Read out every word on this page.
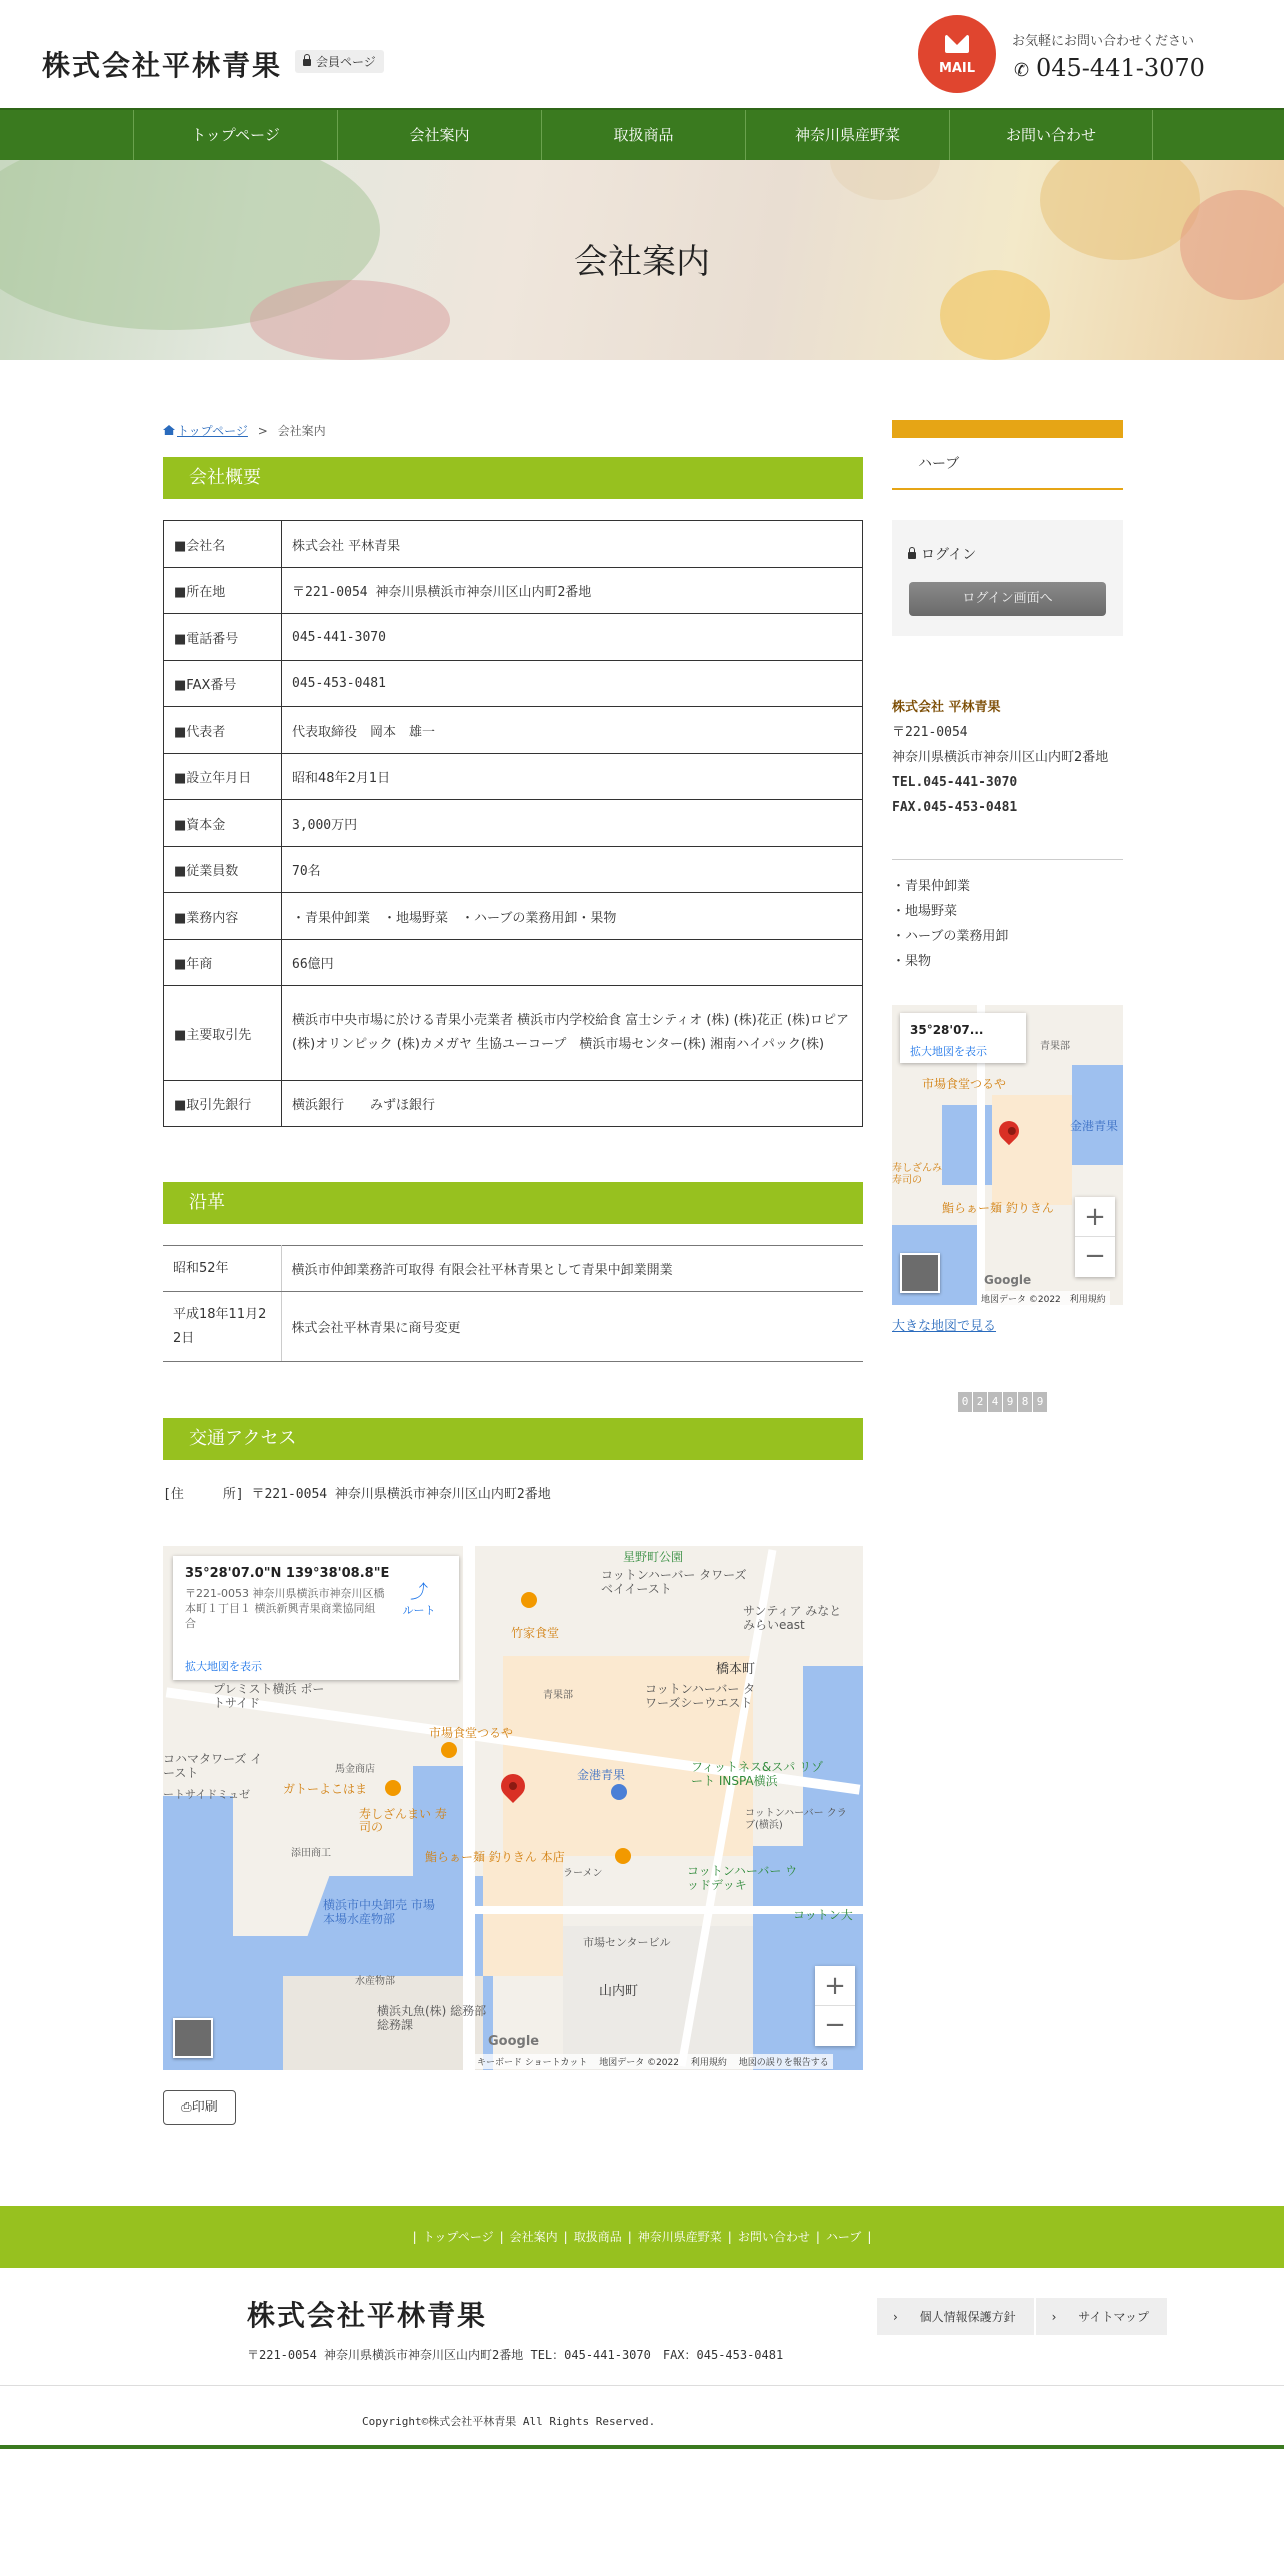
株式会社平林青果	会員ページ	MAIL
お気軽にお問い合わせください
✆ 045-441-3070
トップページ	会社案内	取扱商品	神奈川県産野菜	お問い合わせ
会社案内
トップページ > 会社案内
会社概要
■会社名	株式会社 平林青果
■所在地	〒221-0054 神奈川県横浜市神奈川区山内町2番地
■電話番号	045-441-3070
■FAX番号	045-453-0481
■代表者	代表取締役　岡本　雄一
■設立年月日	昭和48年2月1日
■資本金	3,000万円
■従業員数	70名
■業務内容	・青果仲卸業　・地場野菜　・ハーブの業務用卸・果物
■年商	66億円
■主要取引先	横浜市中央市場に於ける青果小売業者 横浜市内学校給食 富士シティオ (株) (株)花正 (株)ロピア (株)オリンピック (株)カメガヤ 生協ユーコープ　横浜市場センター(株) 湘南ハイパック(株)
■取引先銀行	横浜銀行　　みずほ銀行
沿革
昭和52年	横浜市仲卸業務許可取得 有限会社平林青果として青果中卸業開業
平成18年11月22日	株式会社平林青果に商号変更
交通アクセス
[住　　　所] 〒221-0054 神奈川県横浜市神奈川区山内町2番地
星野町公園
コットンハーバー タワーズベイイースト
サンティア みなとみらいeast
橋本町
竹家食堂
青果部	コットンハーバー タワーズシーウエスト
プレミスト横浜 ポートサイド
コハマタワーズ イースト
ートサイドミュゼ
市場食堂つるや
馬金商店
ガトーよこはま
金港青果
フィットネス&スパ リゾート INSPA横浜
コットンハーバー クラブ(横浜)
寿しざんまい 寿司の
添田商工	鮨らぁー麺 釣りきん 本店
ラーメン	コットンハーバー ウッドデッキ
横浜市中央卸売 市場本場水産物部
市場センタービル
コットン大
山内町
水産物部
横浜丸魚(株) 総務部総務課
35°28'07.0"N 139°38'08.8"E
〒221-0053 神奈川県横浜市神奈川区橋本町１丁目１ 横浜新興青果商業協同組合
⤴
ルート
拡大地図を表示
+
−
Google
キーボード ショートカット　 地図データ ©2022　 利用規約　 地図の誤りを報告する
⎙印刷
ハーブ
ログイン
ログイン画面へ
株式会社 平林青果
〒221-0054
神奈川県横浜市神奈川区山内町2番地
TEL.045-441-3070
FAX.045-453-0481
・青果仲卸業
・地場野菜
・ハーブの業務用卸
・果物
青果部
市場食堂つるや
金港青果
寿しざんみ 寿司の
鮨らぁー麺 釣りきん
35°28'07...
拡大地図を表示
+
−
Google
地図データ ©2022　 利用規約
大きな地図で見る
0 2 4 9 8 9
| トップページ | 会社案内 | 取扱商品 | 神奈川県産野菜 | お問い合わせ | ハーブ |
株式会社平林青果
〒221-0054 神奈川県横浜市神奈川区山内町2番地 TEL：045-441-3070　FAX：045-453-0481
› 個人情報保護方針	› サイトマップ
Copyright©株式会社平林青果 All Rights Reserved.
